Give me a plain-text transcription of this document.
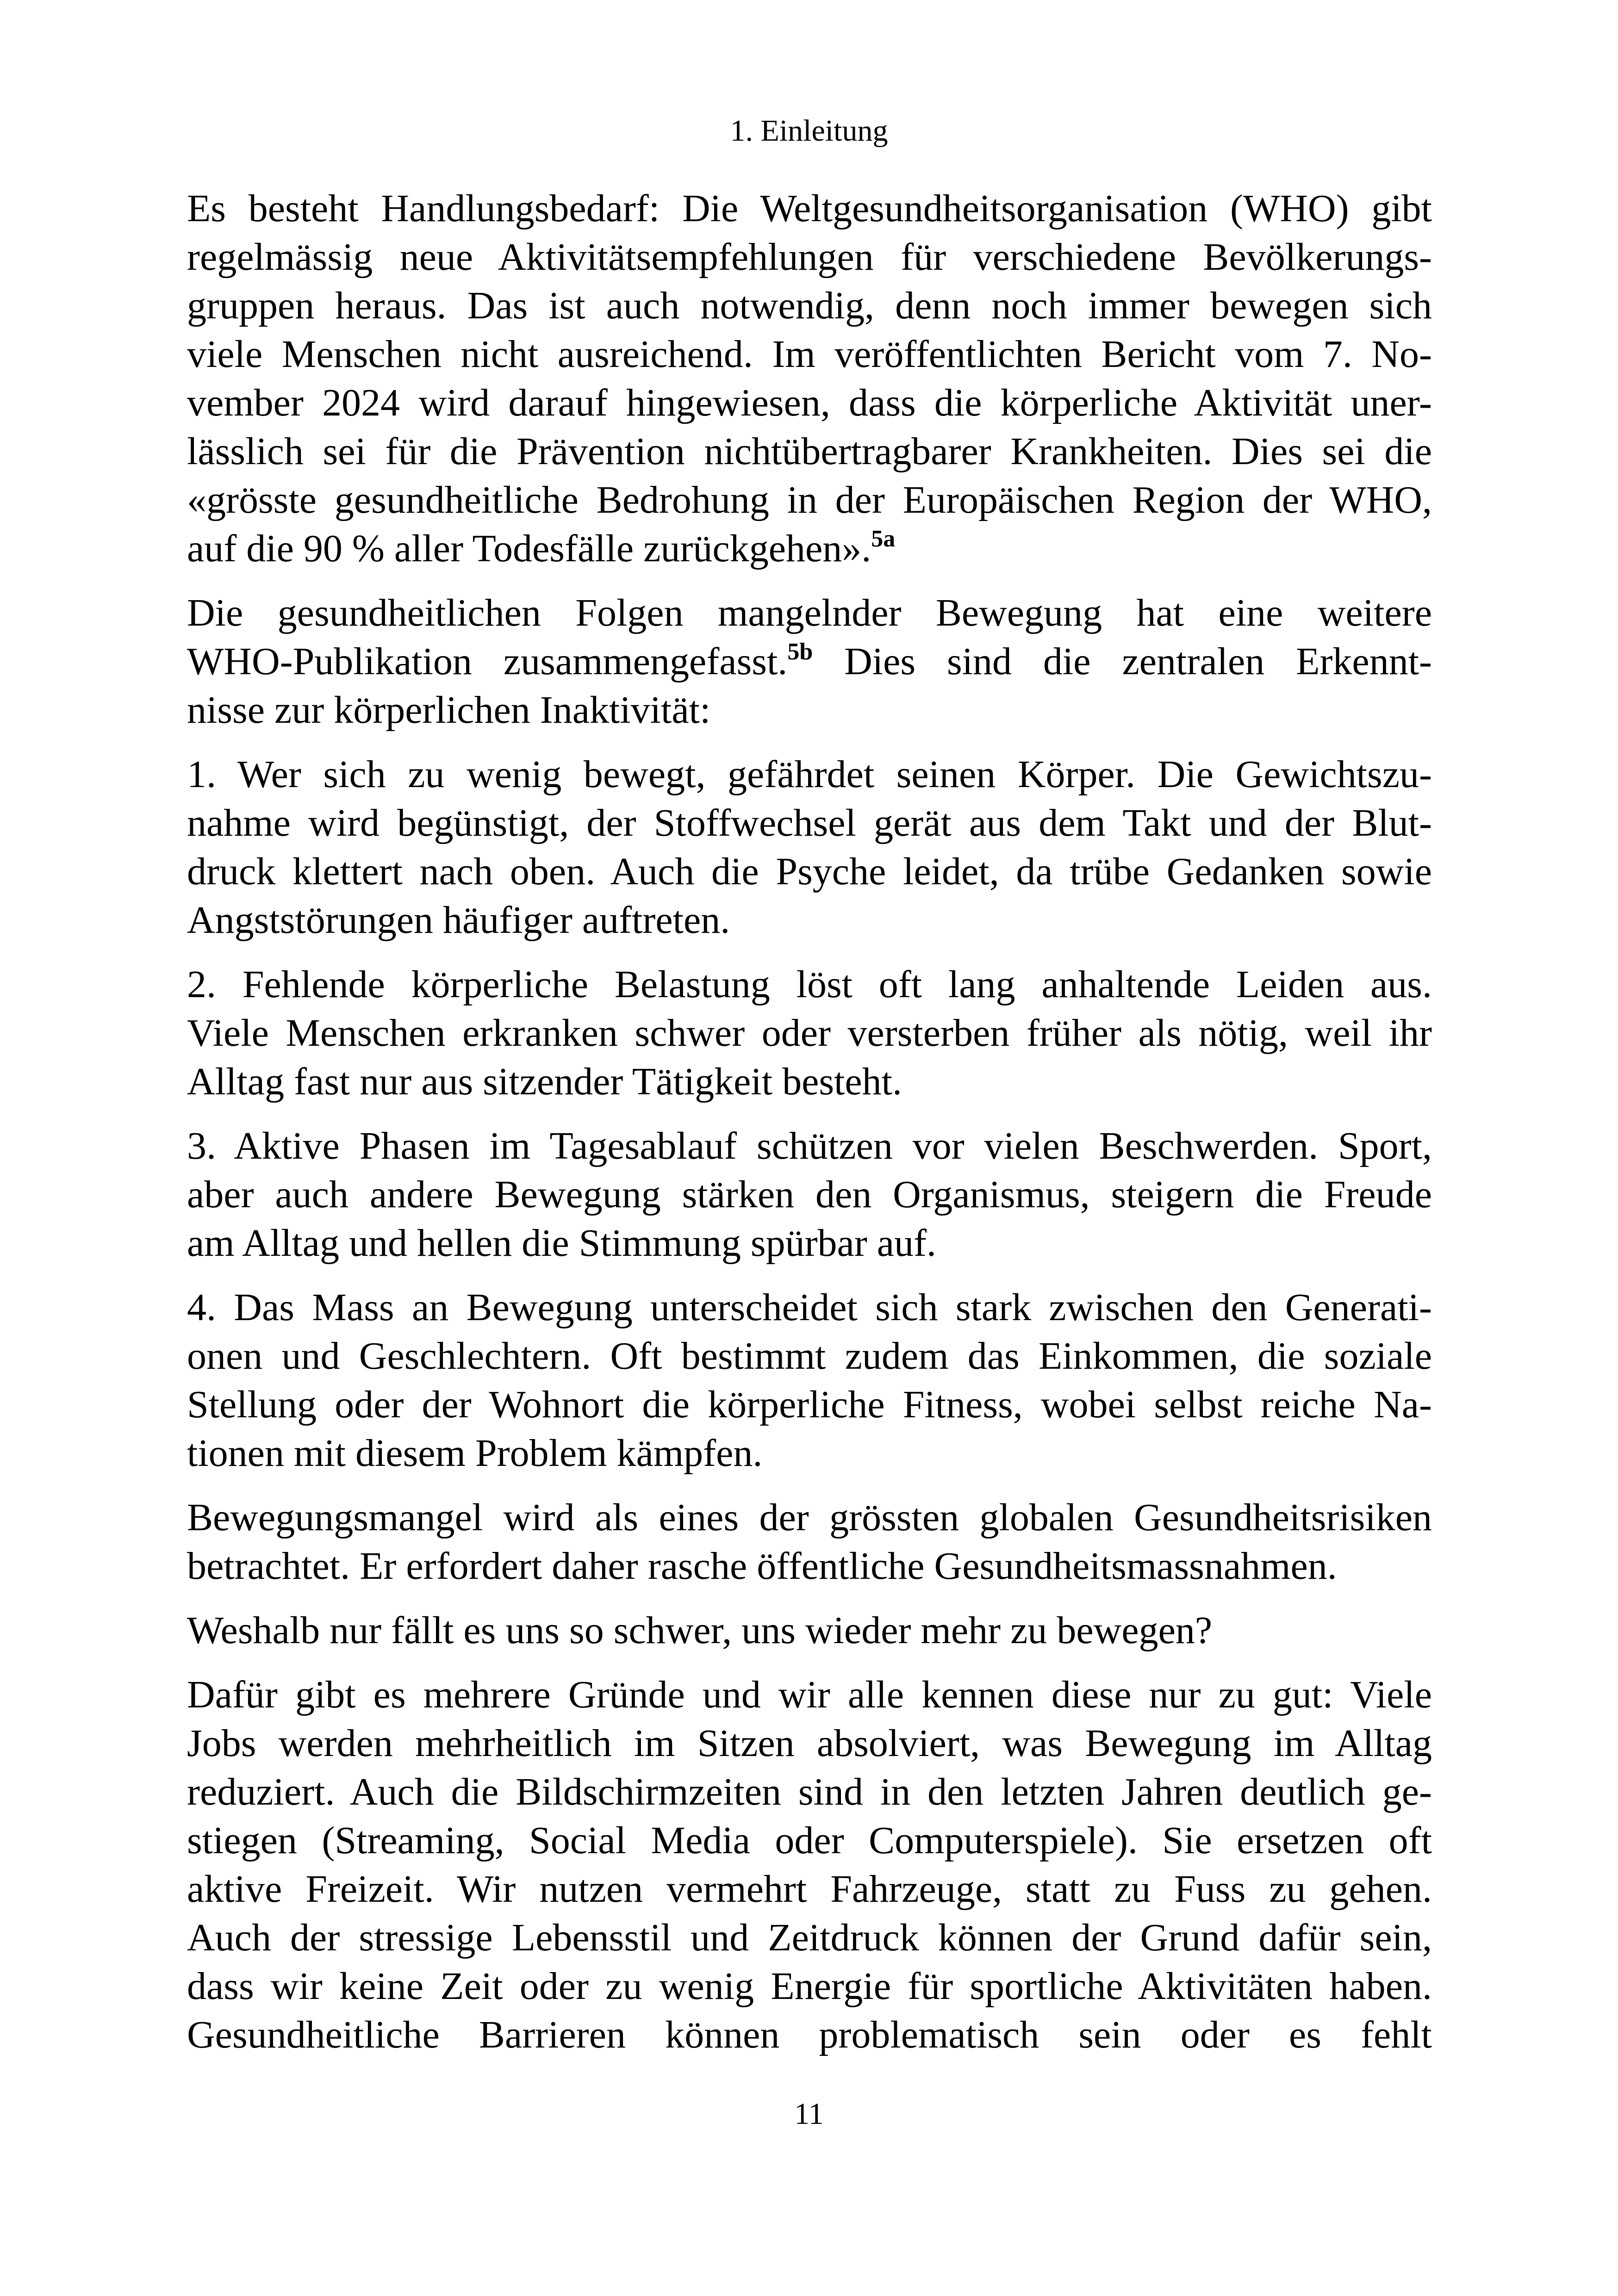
1. Einleitung
Es besteht Handlungsbedarf: Die Weltgesundheitsorganisation (WHO) gibt
regelmässig neue Aktivitätsempfehlungen für verschiedene Bevölkerungs-
gruppen heraus. Das ist auch notwendig, denn noch immer bewegen sich
viele Menschen nicht ausreichend. Im veröffentlichten Bericht vom 7. No-
vember 2024 wird darauf hingewiesen, dass die körperliche Aktivität uner-
lässlich sei für die Prävention nichtübertragbarer Krankheiten. Dies sei die
«grösste gesundheitliche Bedrohung in der Europäischen Region der WHO,
auf die 90 % aller Todesfälle zurückgehen».$^{5a}$
Die gesundheitlichen Folgen mangelnder Bewegung hat eine weitere
WHO-Publikation zusammengefasst.$^{5b}$ Dies sind die zentralen Erkennt-
nisse zur körperlichen Inaktivität:
1. Wer sich zu wenig bewegt, gefährdet seinen Körper. Die Gewichtszu-
nahme wird begünstigt, der Stoffwechsel gerät aus dem Takt und der Blut-
druck klettert nach oben. Auch die Psyche leidet, da trübe Gedanken sowie
Angststörungen häufiger auftreten.
2. Fehlende körperliche Belastung löst oft lang anhaltende Leiden aus.
Viele Menschen erkranken schwer oder versterben früher als nötig, weil ihr
Alltag fast nur aus sitzender Tätigkeit besteht.
3. Aktive Phasen im Tagesablauf schützen vor vielen Beschwerden. Sport,
aber auch andere Bewegung stärken den Organismus, steigern die Freude
am Alltag und hellen die Stimmung spürbar auf.
4. Das Mass an Bewegung unterscheidet sich stark zwischen den Generati-
onen und Geschlechtern. Oft bestimmt zudem das Einkommen, die soziale
Stellung oder der Wohnort die körperliche Fitness, wobei selbst reiche Na-
tionen mit diesem Problem kämpfen.
Bewegungsmangel wird als eines der grössten globalen Gesundheitsrisiken
betrachtet. Er erfordert daher rasche öffentliche Gesundheitsmassnahmen.
Weshalb nur fällt es uns so schwer, uns wieder mehr zu bewegen?
Dafür gibt es mehrere Gründe und wir alle kennen diese nur zu gut: Viele
Jobs werden mehrheitlich im Sitzen absolviert, was Bewegung im Alltag
reduziert. Auch die Bildschirmzeiten sind in den letzten Jahren deutlich ge-
stiegen (Streaming, Social Media oder Computerspiele). Sie ersetzen oft
aktive Freizeit. Wir nutzen vermehrt Fahrzeuge, statt zu Fuss zu gehen.
Auch der stressige Lebensstil und Zeitdruck können der Grund dafür sein,
dass wir keine Zeit oder zu wenig Energie für sportliche Aktivitäten haben.
Gesundheitliche Barrieren können problematisch sein oder es fehlt
11
